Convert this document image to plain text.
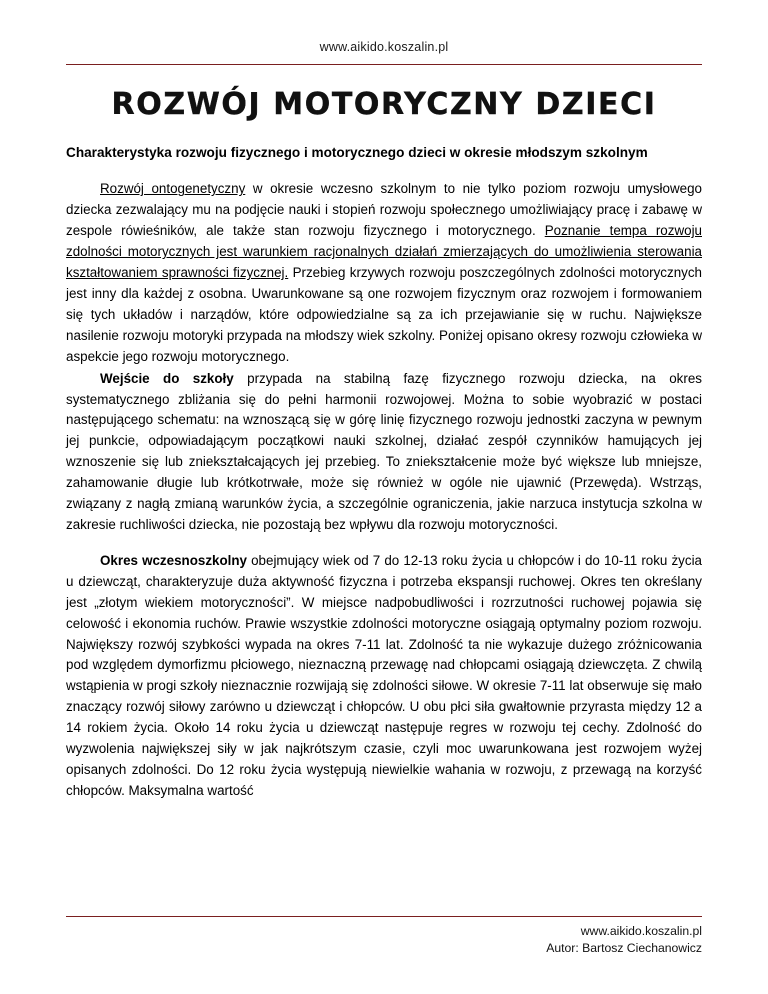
www.aikido.koszalin.pl
ROZWÓJ MOTORYCZNY DZIECI
Charakterystyka rozwoju fizycznego i motorycznego dzieci w okresie młodszym szkolnym

Rozwój ontogenetyczny w okresie wczesno szkolnym to nie tylko poziom rozwoju umysłowego dziecka zezwalający mu na podjęcie nauki i stopień rozwoju społecznego umożliwiający pracę i zabawę w zespole rówieśników, ale także stan rozwoju fizycznego i motorycznego. Poznanie tempa rozwoju zdolności motorycznych jest warunkiem racjonalnych działań zmierzających do umożliwienia sterowania kształtowaniem sprawności fizycznej. Przebieg krzywych rozwoju poszczególnych zdolności motorycznych jest inny dla każdej z osobna. Uwarunkowane są one rozwojem fizycznym oraz rozwojem i formowaniem się tych układów i narządów, które odpowiedzialne są za ich przejawianie się w ruchu. Największe nasilenie rozwoju motoryki przypada na młodszy wiek szkolny. Poniżej opisano okresy rozwoju człowieka w aspekcie jego rozwoju motorycznego.

Wejście do szkoły przypada na stabilną fazę fizycznego rozwoju dziecka, na okres systematycznego zbliżania się do pełni harmonii rozwojowej. Można to sobie wyobrazić w postaci następującego schematu: na wznoszącą się w górę linię fizycznego rozwoju jednostki zaczyna w pewnym jej punkcie, odpowiadającym początkowi nauki szkolnej, działać zespół czynników hamujących jej wznoszenie się lub zniekształcających jej przebieg. To zniekształcenie może być większe lub mniejsze, zahamowanie długie lub krótkotrwałe, może się również w ogóle nie ujawnić (Przewęda). Wstrząs, związany z nagłą zmianą warunków życia, a szczególnie ograniczenia, jakie narzuca instytucja szkolna w zakresie ruchliwości dziecka, nie pozostają bez wpływu dla rozwoju motoryczności.

Okres wczesnoszkolny obejmujący wiek od 7 do 12-13 roku życia u chłopców i do 10-11 roku życia u dziewcząt, charakteryzuje duża aktywność fizyczna i potrzeba ekspansji ruchowej. Okres ten określany jest „złotym wiekiem motoryczności”. W miejsce nadpobudliwości i rozrzutności ruchowej pojawia się celowość i ekonomia ruchów. Prawie wszystkie zdolności motoryczne osiągają optymalny poziom rozwoju. Największy rozwój szybkości wypada na okres 7-11 lat. Zdolność ta nie wykazuje dużego zróżnicowania pod względem dymorfizmu płciowego, nieznaczną przewagę nad chłopcami osiągają dziewczęta. Z chwilą wstąpienia w progi szkoły nieznacznie rozwijają się zdolności siłowe. W okresie 7-11 lat obserwuje się mało znaczący rozwój siłowy zarówno u dziewcząt i chłopców. U obu płci siła gwałtownie przyrasta między 12 a 14 rokiem życia. Około 14 roku życia u dziewcząt następuje regres w rozwoju tej cechy. Zdolność do wyzwolenia największej siły w jak najkrótszym czasie, czyli moc uwarunkowana jest rozwojem wyżej opisanych zdolności. Do 12 roku życia występują niewielkie wahania w rozwoju, z przewagą na korzyść chłopców. Maksymalna wartość

www.aikido.koszalin.pl
Autor: Bartosz Ciechanowicz
